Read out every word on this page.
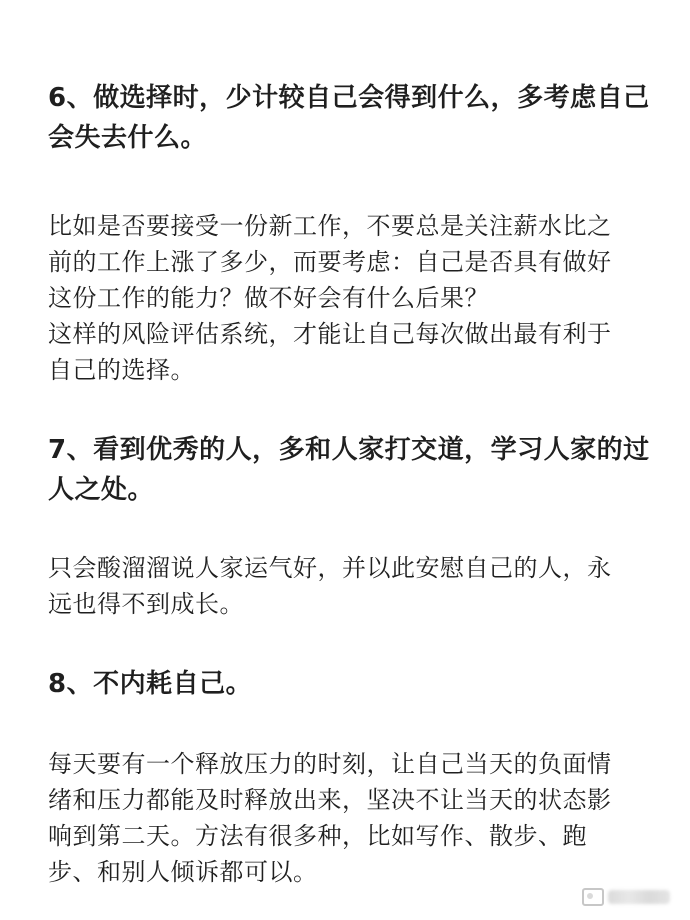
6、做选择时，少计较自己会得到什么，多考虑自己
会失去什么。

比如是否要接受一份新工作，不要总是关注薪水比之
前的工作上涨了多少，而要考虑：自己是否具有做好
这份工作的能力？做不好会有什么后果？
这样的风险评估系统，才能让自己每次做出最有利于
自己的选择。

7、看到优秀的人，多和人家打交道，学习人家的过
人之处。

只会酸溜溜说人家运气好，并以此安慰自己的人，永
远也得不到成长。

8、不内耗自己。

每天要有一个释放压力的时刻，让自己当天的负面情
绪和压力都能及时释放出来，坚决不让当天的状态影
响到第二天。方法有很多种，比如写作、散步、跑
步、和别人倾诉都可以。
